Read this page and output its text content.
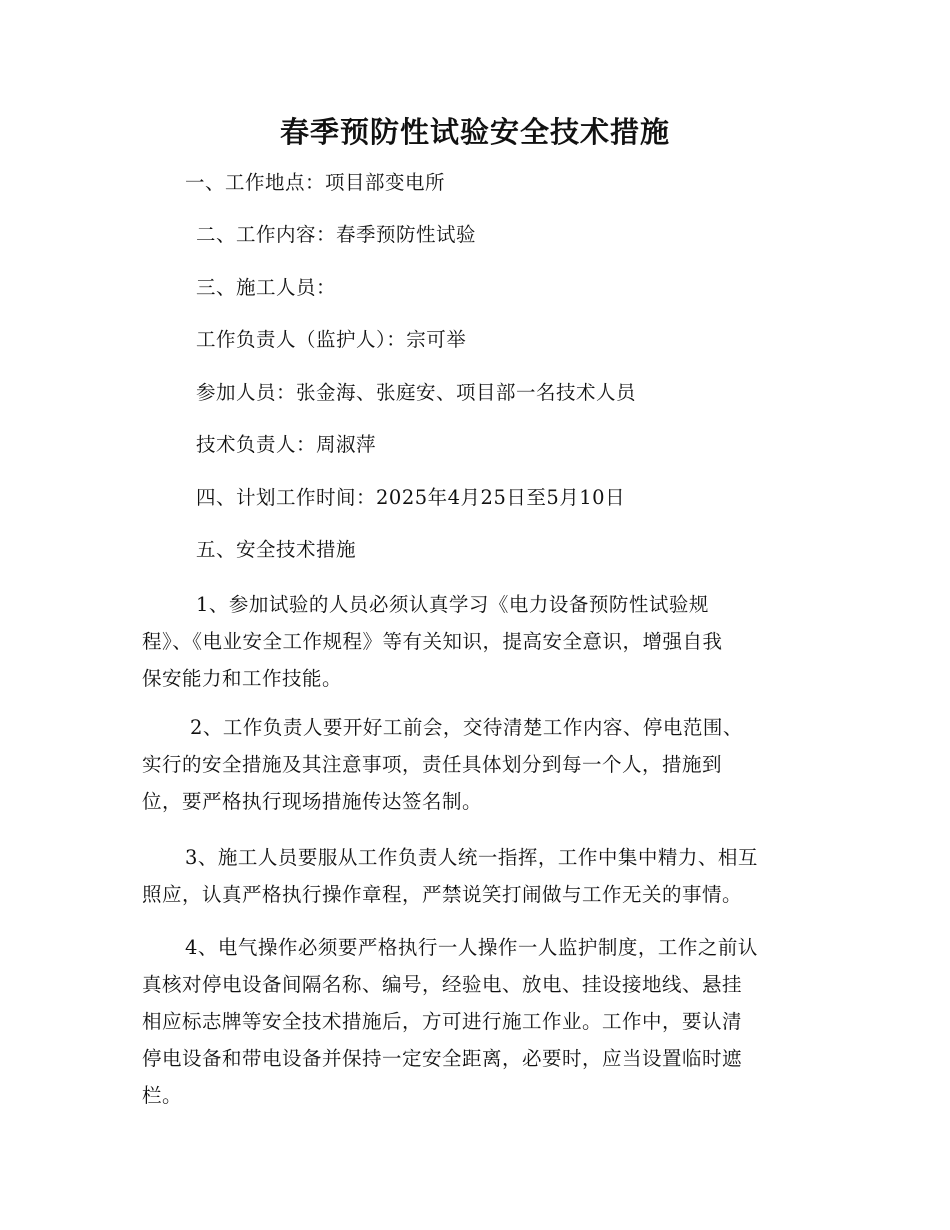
春季预防性试验安全技术措施
一、工作地点：项目部变电所
二、工作内容：春季预防性试验
三、施工人员：
工作负责人（监护人）：宗可举
参加人员：张金海、张庭安、项目部一名技术人员
技术负责人：周淑萍
四、计划工作时间：2025年4月25日至5月10日
五、安全技术措施
1、参加试验的人员必须认真学习《电力设备预防性试验规
程》、《电业安全工作规程》等有关知识，提高安全意识，增强自我
保安能力和工作技能。
2、工作负责人要开好工前会，交待清楚工作内容、停电范围、
实行的安全措施及其注意事项，责任具体划分到每一个人，措施到
位，要严格执行现场措施传达签名制。
3、施工人员要服从工作负责人统一指挥，工作中集中精力、相互
照应，认真严格执行操作章程，严禁说笑打闹做与工作无关的事情。
4、电气操作必须要严格执行一人操作一人监护制度，工作之前认
真核对停电设备间隔名称、编号，经验电、放电、挂设接地线、悬挂
相应标志牌等安全技术措施后，方可进行施工作业。工作中，要认清
停电设备和带电设备并保持一定安全距离，必要时，应当设置临时遮
栏。
